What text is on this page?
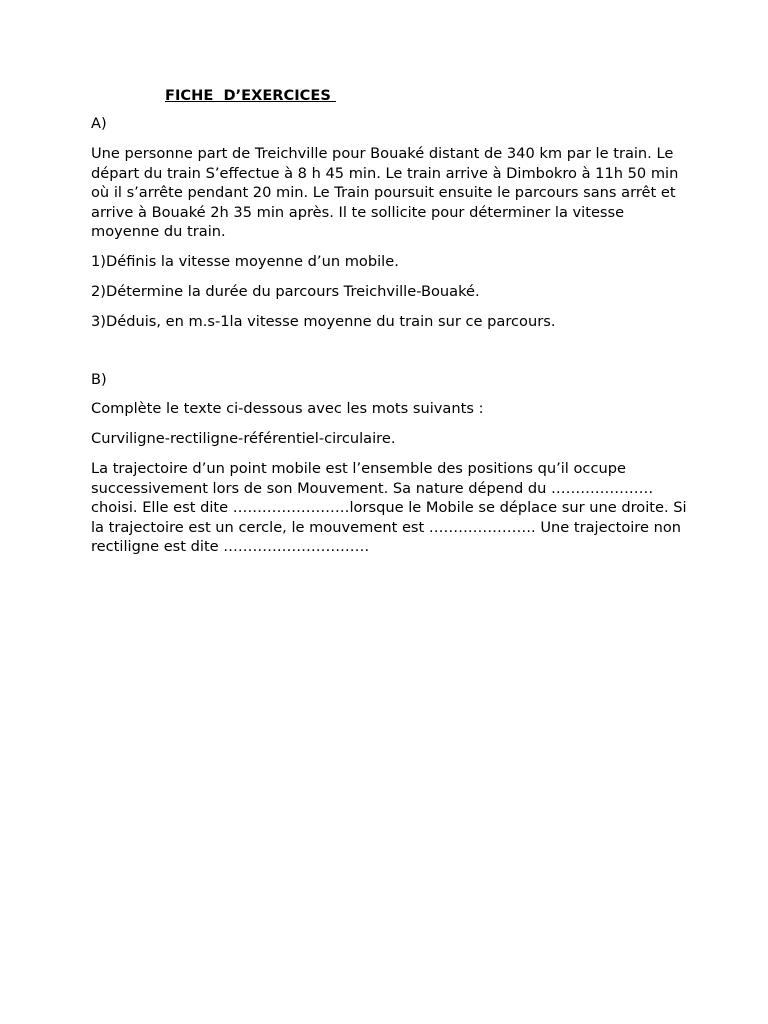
FICHE  D’EXERCICES
A)
Une personne part de Treichville pour Bouaké distant de 340 km par le train. Le départ du train S’effectue à 8 h 45 min. Le train arrive à Dimbokro à 11h 50 min où il s’arrête pendant 20 min. Le Train poursuit ensuite le parcours sans arrêt et arrive à Bouaké 2h 35 min après. Il te sollicite pour déterminer la vitesse moyenne du train.
1)Définis la vitesse moyenne d’un mobile.
2)Détermine la durée du parcours Treichville-Bouaké.
3)Déduis, en m.s-1la vitesse moyenne du train sur ce parcours.
B)
Complète le texte ci-dessous avec les mots suivants :
Curviligne-rectiligne-référentiel-circulaire.
La trajectoire d’un point mobile est l’ensemble des positions qu’il occupe successivement lors de son Mouvement. Sa nature dépend du …………………choisi. Elle est dite ……………………lorsque le Mobile se déplace sur une droite. Si la trajectoire est un cercle, le mouvement est …………………. Une trajectoire non rectiligne est dite …………………………
